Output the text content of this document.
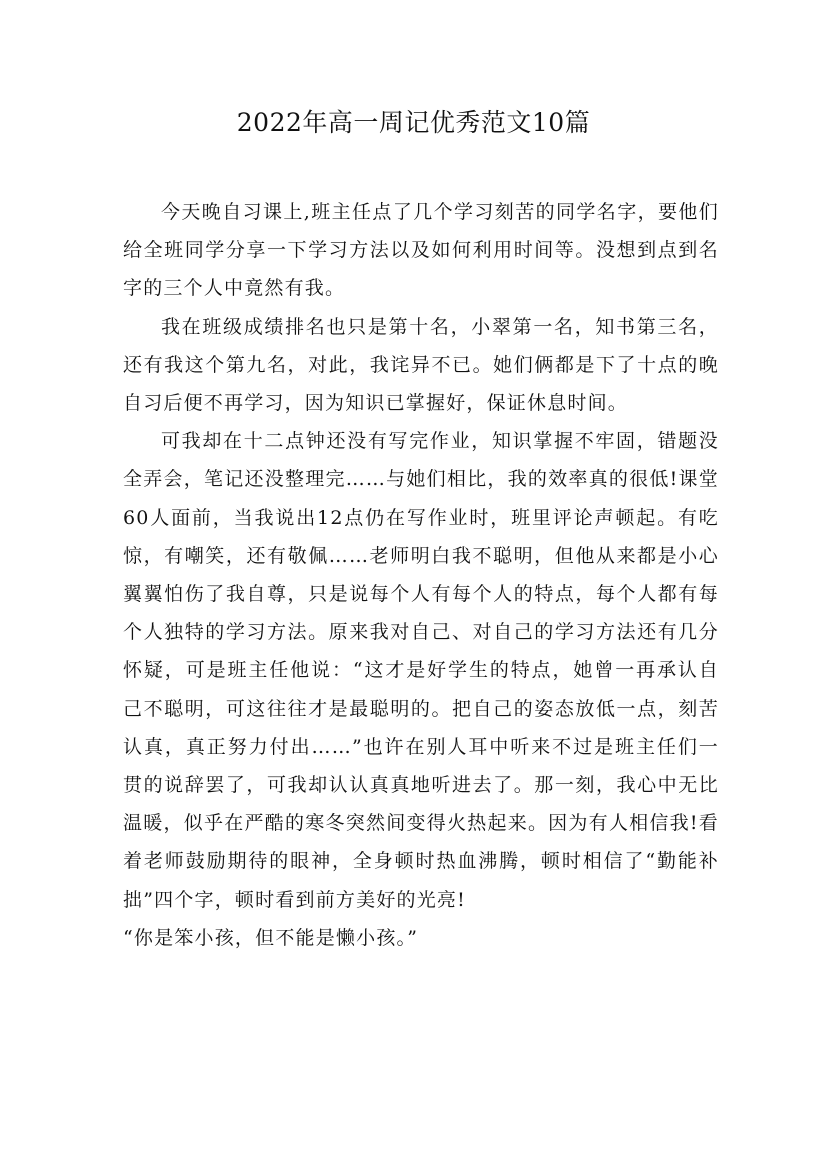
2022年高一周记优秀范文10篇

今天晚自习课上,班主任点了几个学习刻苦的同学名字，要他们给全班同学分享一下学习方法以及如何利用时间等。没想到点到名字的三个人中竟然有我。

我在班级成绩排名也只是第十名，小翠第一名，知书第三名，还有我这个第九名，对此，我诧异不已。她们俩都是下了十点的晚自习后便不再学习，因为知识已掌握好，保证休息时间。

可我却在十二点钟还没有写完作业，知识掌握不牢固，错题没全弄会，笔记还没整理完……与她们相比，我的效率真的很低!课堂60人面前，当我说出12点仍在写作业时，班里评论声顿起。有吃惊，有嘲笑，还有敬佩……老师明白我不聪明，但他从来都是小心翼翼怕伤了我自尊，只是说每个人有每个人的特点，每个人都有每个人独特的学习方法。原来我对自己、对自己的学习方法还有几分怀疑，可是班主任他说：“这才是好学生的特点，她曾一再承认自己不聪明，可这往往才是最聪明的。把自己的姿态放低一点，刻苦认真，真正努力付出……”也许在别人耳中听来不过是班主任们一贯的说辞罢了，可我却认认真真地听进去了。那一刻，我心中无比温暖，似乎在严酷的寒冬突然间变得火热起来。因为有人相信我!看着老师鼓励期待的眼神，全身顿时热血沸腾，顿时相信了“勤能补拙”四个字，顿时看到前方美好的光亮!

“你是笨小孩，但不能是懒小孩。”
